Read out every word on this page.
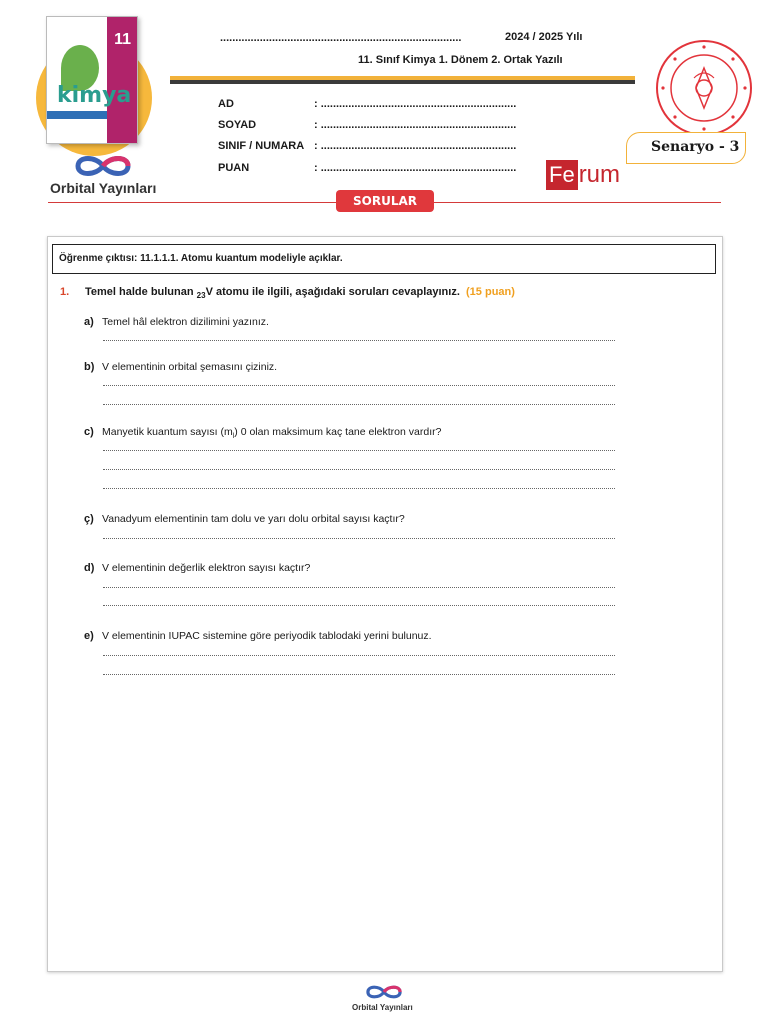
11
kimya
Orbital Yayınları
...............................................................................	2024 / 2025 Yılı
11. Sınıf Kimya 1. Dönem 2. Ortak Yazılı
AD	: ................................................................
SOYAD	: ................................................................
SINIF / NUMARA : ................................................................
PUAN	: ................................................................
Senaryo - 3
Fe rum
SORULAR
Öğrenme çıktısı: 11.1.1.1. Atomu kuantum modeliyle açıklar.
1. Temel halde bulunan $_{23}$V atomu ile ilgili, aşağıdaki soruları cevaplayınız. (15 puan)
a) Temel hâl elektron dizilimini yazınız.
b) V elementinin orbital şemasını çiziniz.
c) Manyetik kuantum sayısı $(m_l)$ 0 olan maksimum kaç tane elektron vardır?
ç) Vanadyum elementinin tam dolu ve yarı dolu orbital sayısı kaçtır?
d) V elementinin değerlik elektron sayısı kaçtır?
e) V elementinin IUPAC sistemine göre periyodik tablodaki yerini bulunuz.
Orbital Yayınları
